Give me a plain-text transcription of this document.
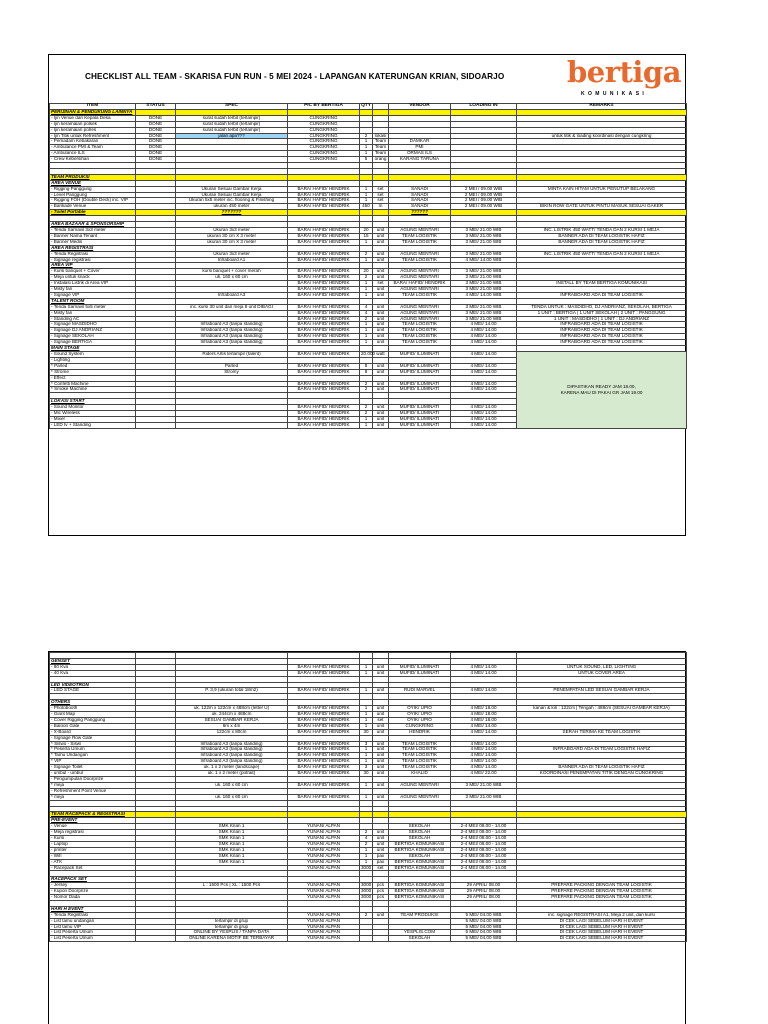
CHECKLIST ALL TEAM - SKARISA FUN RUN - 5 MEI 2024 - LAPANGAN KATERUNGAN KRIAN, SIDOARJO bertiga
KOMUNIKASI
ITEM	STATUS	SPEC	PIC BY BERTIGA	QTY		VENDOR	LOADING IN	REMARKS
PERIJINAN & PENDUKUNG LAINNYA								
- Ijin Venue dari Kepala Desa	DONE	surat sudah terbit (terlampir)	CUNGKRING					
- Ijin keramaian polsek	DONE	surat sudah terbit (terlampir)	CUNGKRING					
- Ijin keramaian polres	DONE	surat sudah terbit (terlampir)	CUNGKRING					
- Ijin Titik untuk Refreshment	DONE	jalan apa???	CUNGKRING	2	lokasi			untuk titik & loading koordinasi dengan cungkring
- Pemadam Kebakaran	DONE		CUNGKRING	1	Team	DAMKAR		
- Ambulance PMI & Team	DONE		CUNGKRING	1	Team	PMI		
- Ambulance ILS	DONE		CUNGKRING	1	Team	ORMAS ILS		
- Crew Kebersihan	DONE		CUNGKRING	5	orang	KARANG TARUNA		

TEAM PRODUKSI								
AREA VENUE								
- Rigging Panggung		Ukuran Sesuai Gambar Kerja	BARA/ HAFID/ HENDRIK	1	set	SANADI	2 MEI / 09.00 WIB	MINTA KAIN HITAM UNTUK PENUTUP BELAKANG
- Level Panggung		Ukuran Sesuai Gambar Kerja	BARA/ HAFID/ HENDRIK	1	set	SANADI	2 MEI / 09.00 WIB	
- Rigging FOH (Double Deck) inc. VIP		Ukuran 5x5 meter inc. flooring & Finishing	BARA/ HAFID/ HENDRIK	1	set	SANADI	2 MEI / 09.00 WIB	
- Barikade Venue		ukuran 450 meter	BARA/ HAFID/ HENDRIK	450	m	SANADI	2 MEI / 09.00 WIB	BIKIN ROW GATE UNTUK PINTU MASUK SESUAI GAKER
- Toilet Portable		???????				??????		

AREA BAZAAR & SPONSORSHIP								
- Tenda Sarnavil 3x3 meter		Ukuran 3x3 meter	BARA/ HAFID/ HENDRIK	20	unit	AGUNG MENTARI	3 MEI/ 21.00 WIB	INC. LISTRIK 450 WATT/ TENDA DAN 2 KURSI 1 MEJA
- Banner Nama Tenant		ukuran 30 cm X 3 meter	BARA/ HAFID/ HENDRIK	15	unit	TEAM LOGISTIK	3 MEI/ 21.00 WIB	BANNER ADA DI TEAM LOGISTIK HAFIZ
- Banner Medis		ukuran 30 cm X 3 meter	BARA/ HAFID/ HENDRIK	1	unit	TEAM LOGISTIK	3 MEI/ 21.00 WIB	BANNER ADA DI TEAM LOGISTIK HAFIZ
AREA REGISTRASI								
- Tenda Registrasi		Ukuran 3x3 meter	BARA/ HAFID/ HENDRIK	2	unit	AGUNG MENTARI	3 MEI/ 21.00 WIB	INC. LISTRIK 450 WATT/ TENDA DAN 2 KURSI 1 MEJA
- Signage registrasi		Infraboard A1	BARA/ HAFID/ HENDRIK	1	unit	TEAM LOGISTIK	4 MEI/ 14.00 WIB	
AREA VIP								
- Kursi banquet + Cover		kursi banquet + cover merah	BARA/ HAFID/ HENDRIK	20	unit	AGUNG MENTARI	3 MEI/ 21.00 WIB	
- Meja untuk snack		uk. 160 x 60 cm	BARA/ HAFID/ HENDRIK	2	unit	AGUNG MENTARI	3 MEI/ 21.00 WIB	
- Instalasi Listrik di Area VIP			BARA/ HAFID/ HENDRIK	1	set	BARA/ HAFID/ HENDRIK	3 MEI/ 21.00 WIB	INSTALL BY TEAM BERTIGA KOMUNIKASI
- Misty fan			BARA/ HAFID/ HENDRIK	1	unit	AGUNG MENTARI	3 MEI/ 21.00 WIB	
- Signage VIP		Infraboard A3	BARA/ HAFID/ HENDRIK	1	unit	TEAM LOGISTIK	4 MEI/ 14.00 WIB	INFRABOARD ADA DI TEAM LOGISTIK
TALENT ROOM								
- Tenda Sarnavil 5x5 meter		inc. kursi 30 unit dan meja 8 unit DIBAGI	BARA/ HAFID/ HENDRIK	4	unit	AGUNG MENTARI	3 MEI/ 21.00 WIB	TENDA UNTUK : MASDIDHO, DJ ANDRIANZ, SEKOLAH, BERTIGA
- Misty fan			BARA/ HAFID/ HENDRIK	4	unit	AGUNG MENTARI	3 MEI/ 21.00 WIB	1 UNIT : BERTIGA | 1 UNIT SEKOLAH | 2 UNIT : PANGGUNG
- Standing AC			BARA/ HAFID/ HENDRIK	2	unit	AGUNG MENTARI	3 MEI/ 21.00 WIB	1 UNIT : MASDIDHO | 1 UNIT : DJ ANDRIANZ
- Signage MASDIDHO		Infraboard A3 (tanpa standing)	BARA/ HAFID/ HENDRIK	1	unit	TEAM LOGISTIK	4 MEI/ 14.00	INFRABOARD ADA DI TEAM LOGISTIK
- Signage DJ ANDRIANZ		Infraboard A3 (tanpa standing)	BARA/ HAFID/ HENDRIK	1	unit	TEAM LOGISTIK	4 MEI/ 14.00	INFRABOARD ADA DI TEAM LOGISTIK
- Signage SEKOLAH		Infraboard A3 (tanpa standing)	BARA/ HAFID/ HENDRIK	1	unit	TEAM LOGISTIK	4 MEI/ 14.00	INFRABOARD ADA DI TEAM LOGISTIK
- Signage BERTIGA		Infraboard A3 (tanpa standing)	BARA/ HAFID/ HENDRIK	1	unit	TEAM LOGISTIK	4 MEI/ 14.00	INFRABOARD ADA DI TEAM LOGISTIK
MAIN STAGE								
- Sound System		Riders Artis terlampir (talent)	BARA/ HAFID/ HENDRIK	20.000	watt	MUFID/ ILUMINATI	4 MEI/ 14.00	DIPASTIKAN READY JAM 18.00,
KARENA MAU DI PAKAI GR JAM 19.00

- Lighting								
* Parled		Parled	BARA/ HAFID/ HENDRIK	8	unit	MUFID/ ILUMINATI	4 MEI/ 14.00	
* Strome		Stromy	BARA/ HAFID/ HENDRIK	8	unit	MUFID/ ILUMINATI	4 MEI/ 14.00	
- Effect								
* Confetti Machine			BARA/ HAFID/ HENDRIK	2	unit	MUFID/ ILUMINATI	4 MEI/ 14.00	
* Smoke Machine			BARA/ HAFID/ HENDRIK	2	unit	MUFID/ ILUMINATI	4 MEI/ 14.00	

LOKASI START								
- Sound Monitor			BARA/ HAFID/ HENDRIK	2	unit	MUFID/ ILUMINATI	4 MEI/ 14.00	
- Mic Wireless			BARA/ HAFID/ HENDRIK	2	unit	MUFID/ ILUMINATI	4 MEI/ 14.00	
- Mixer			BARA/ HAFID/ HENDRIK	1	unit	MUFID/ ILUMINATI	4 MEI/ 14.00	
- LED tv + Standing			BARA/ HAFID/ HENDRIK	1	unit	MUFID/ ILUMINATI	4 MEI/ 14.00	

GENSET								
- 80 Kva			BARA/ HAFID/ HENDRIK	1	unit	MUFID/ ILUMINATI	4 MEI/ 14.00	UNTUK SOUND, LED, LIGHTING
- 40 Kva			BARA/ HAFID/ HENDRIK	1	unit	MUFID/ ILUMINATI	4 MEI/ 14.00	UNTUK COVER AREA

LED VIDEOTRON								
- LED STAGE		P. 3,9 (ukuran total 18m2)	BARA/ HAFID/ HENDRIK	1	unit	RUDI MARVEL	4 MEI/ 14.00	PENEMPATAN LED SESUAI GAMBAR KERJA

OTHERS								
- Photobooth		uk. 122m x 122cm x 488cm (letter U)	BARA/ HAFID/ HENDRIK	1	unit	OYIK/ UPIO	4 MEI/ 18.00	kanan & kiri : 122cm | Tengah : 488cm (SESUAI GAMBAR KERJA)
- Giant Map		uk. 244cm x 488cm	BARA/ HAFID/ HENDRIK	1	unit	OYIK/ UPIO	4 MEI/ 18.00	
- Cover Rigging Panggung		SESUAI GAMBAR KERJA	BARA/ HAFID/ HENDRIK	1	set	OYIK/ UPIO	4 MEI/ 18.00	
- Baloon Gate		6m x 4m	BARA/ HAFID/ HENDRIK	1	unit	CUNGKRING	4 MEI/ 14.00	
- X-Board		122cm x 80cm	BARA/ HAFID/ HENDRIK	30	unit	HENDRIK	4 MEI/ 14.00	SERAH TERIMA KE TEAM LOGISTIK
- Signage Row Gate								
* Siswo - Siswi		Infraboard A3 (tanpa standing)	BARA/ HAFID/ HENDRIK	3	unit	TEAM LOGISTIK	4 MEI/ 14.00	
* Peserta Umum		Infraboard A3 (tanpa standing)	BARA/ HAFID/ HENDRIK	1	unit	TEAM LOGISTIK	4 MEI/ 14.00	INFRABOARD ADA DI TEAM LOGISTIK HAFIZ
* Tamu Undangan		Infraboard A3 (tanpa standing)	BARA/ HAFID/ HENDRIK	1	unit	TEAM LOGISTIK	4 MEI/ 14.00	
* VIP		Infraboard A3 (tanpa standing)	BARA/ HAFID/ HENDRIK	1	unit	TEAM LOGISTIK	4 MEI/ 14.00	
- Signage Toilet		uk. 1 x 2 meter (landscape)	BARA/ HAFID/ HENDRIK	3	unit	TEAM LOGISTIK	4 MEI/ 14.00	BANNER ADA DI TEAM LOGISTIK HAFIZ
- umbul - umbul		uk. 1 x 2 meter (potrait)	BARA/ HAFID/ HENDRIK	30	unit	KHALID	4 MEI/ 22.00	KOORDINASI PENEMPATAN TITIK DENGAN CUNGKRING
- Pengumpulan Doorprize								
* meja		uk. 160 x 60 cm	BARA/ HAFID/ HENDRIK	1	unit	AGUNG MENTARI	3 MEI/ 21.00 WIB	
- Refreshment Point Venue								
* meja		uk. 160 x 60 cm	BARA/ HAFID/ HENDRIK	1	unit	AGUNG MENTARI	3 MEI/ 21.00 WIB	

TEAM RACEPACK & REGISTRASI								
PRE-EVENT								
- Venue		SMK Krian 1	YUNAN/ ALPAN			SEKOLAH	2-4 MEI/ 08.00 - 14.00	
- Meja registrasi		SMK Krian 1	YUNAN/ ALPAN	2	unit	SEKOLAH	2-4 MEI/ 08.00 - 14.00	
- Kursi		SMK Krian 1	YUNAN/ ALPAN	4	unit	SEKOLAH	2-4 MEI/ 08.00 - 14.00	
- Laptop		SMK Krian 1	YUNAN/ ALPAN	2	unit	BERTIGA KOMUNIKASI	2-4 MEI/ 08.00 - 14.00	
- printer		SMK Krian 1	YUNAN/ ALPAN	1	unit	BERTIGA KOMUNIKASI	2-4 MEI/ 08.00 - 14.00	
- Wifi		SMK Krian 1	YUNAN/ ALPAN	1	pax	SEKOLAH	2-4 MEI/ 08.00 - 14.00	
- ATK		SMK Krian 1	YUNAN/ ALPAN	1	pax	BERTIGA KOMUNIKASI	2-4 MEI/ 08.00 - 14.00	
- Racepack Set			YUNAN/ ALPAN	3000	set	BERTIGA KOMUNIKASI	2-4 MEI/ 08.00 - 14.00	

RACEPACK SET								
- Jersey		L : 1500 Pcs | XL : 1500 Pcs	YUNAN/ ALPAN	3000	pcs	BERTIGA KOMUNIKASI	29 APRIL/ 08.00	PREPARE PACKING DENGAN TEAM LOGISTIK
- Kupon Doorprize			YUNAN/ ALPAN	3000	pcs	BERTIGA KOMUNIKASI	29 APRIL/ 08.00	PREPARE PACKING DENGAN TEAM LOGISTIK
- Nomor Dada			YUNAN/ ALPAN	3000	pcs	BERTIGA KOMUNIKASI	29 APRIL/ 08.00	PREPARE PACKING DENGAN TEAM LOGISTIK

HARI H EVENT								
- Tenda Registrasi			YUNAN/ ALPAN	2	unit	TEAM PRODUKSI	5 MEI/ 04.00 WIB	inc. signage REGISTRASI A1, Meja 2 unit, dan kursi
- List tamu undangan		terlampir di grup	YUNAN/ ALPAN				5 MEI/ 04.00 WIB	DI CEK LAGI SEBELUM HARI H EVENT
- List tamu VIP		terlampir di grup	YUNAN/ ALPAN				5 MEI/ 04.00 WIB	DI CEK LAGI SEBELUM HARI H EVENT
- List Peserta Umum		ONLINE BY YESPLIS / TANPA DATA	YUNAN/ ALPAN			YESPLIS.COM	5 MEI/ 04.00 WIB	DI CEK LAGI SEBELUM HARI H EVENT
- List Peserta Umum		ONLINE KARENA MOTIF BE TERBAYAR	YUNAN/ ALPAN			SEKOLAH	5 MEI/ 04.00 WIB	DI CEK LAGI SEBELUM HARI H EVENT
